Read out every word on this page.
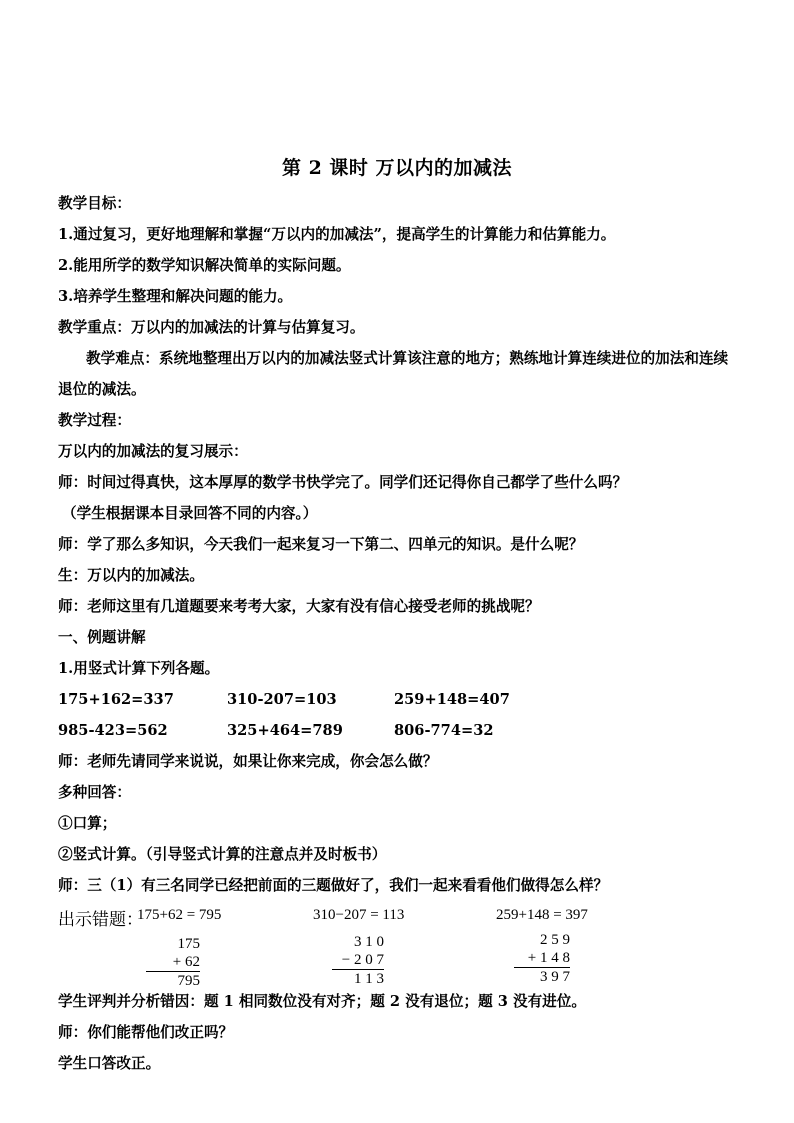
第 2 课时 万以内的加减法
教学目标：
1.通过复习，更好地理解和掌握“万以内的加减法”，提高学生的计算能力和估算能力。
2.能用所学的数学知识解决简单的实际问题。
3.培养学生整理和解决问题的能力。
教学重点：万以内的加减法的计算与估算复习。
教学难点：系统地整理出万以内的加减法竖式计算该注意的地方；熟练地计算连续进位的加法和连续
退位的减法。
教学过程：
万以内的加减法的复习展示：
师：时间过得真快，这本厚厚的数学书快学完了。同学们还记得你自己都学了些什么吗？
（学生根据课本目录回答不同的内容。）
师：学了那么多知识，今天我们一起来复习一下第二、四单元的知识。是什么呢？
生：万以内的加减法。
师：老师这里有几道题要来考考大家，大家有没有信心接受老师的挑战呢？
一、例题讲解
1.用竖式计算下列各题。
175+162=337	310-207=103	259+148=407
985-423=562	325+464=789	806-774=32
师：老师先请同学来说说，如果让你来完成，你会怎么做？
多种回答：
①口算；
②竖式计算。（引导竖式计算的注意点并及时板书）
师：三（1）有三名同学已经把前面的三题做好了，我们一起来看看他们做得怎么样？
出示错题：
175+62 = 795	310−207 = 113	259+148 = 397
175
+ 62
795
3 1 0
− 2 0 7
1 1 3
2 5 9
+ 1 4 8
3 9 7
学生评判并分析错因：题 1 相同数位没有对齐；题 2 没有退位；题 3 没有进位。
师：你们能帮他们改正吗？
学生口答改正。
